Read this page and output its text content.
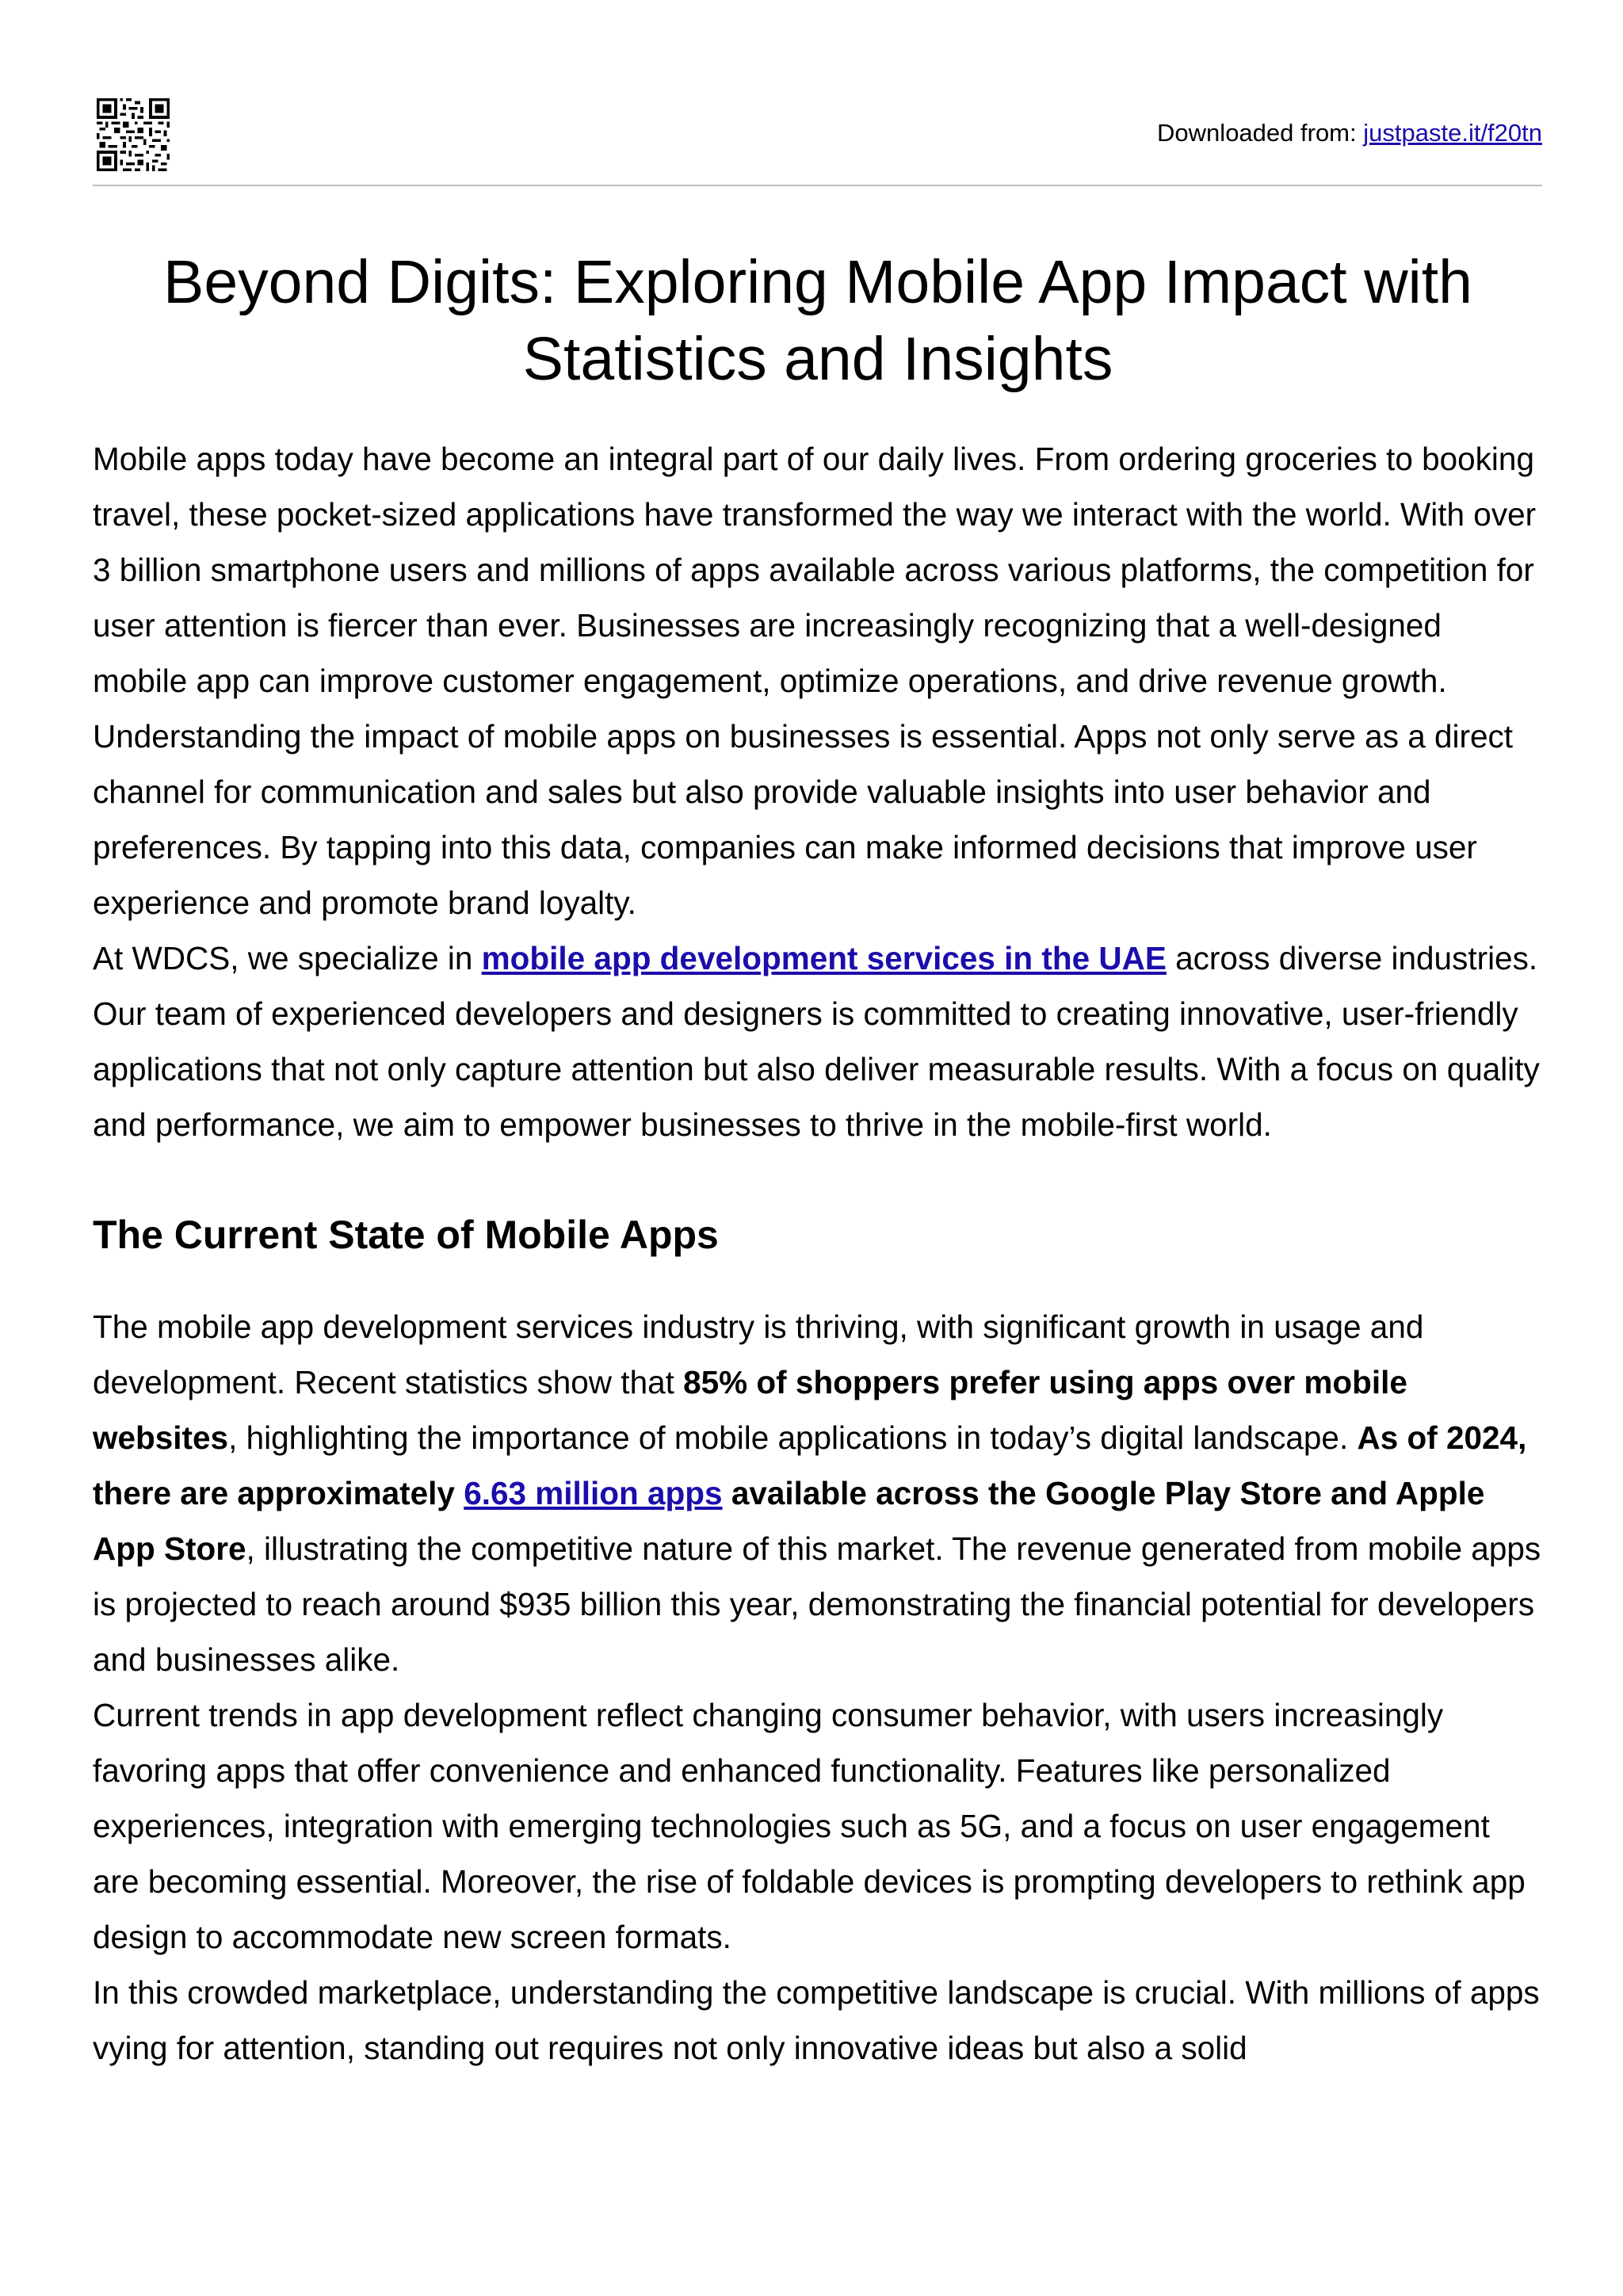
Downloaded from: justpaste.it/f20tn
Beyond Digits: Exploring Mobile App Impact with
Statistics and Insights

Mobile apps today have become an integral part of our daily lives. From ordering groceries to booking travel, these pocket-sized applications have transformed the way we interact with the world. With over 3 billion smartphone users and millions of apps available across various platforms, the competition for user attention is fiercer than ever. Businesses are increasingly recognizing that a well-designed mobile app can improve customer engagement, optimize operations, and drive revenue growth.

Understanding the impact of mobile apps on businesses is essential. Apps not only serve as a direct channel for communication and sales but also provide valuable insights into user behavior and preferences. By tapping into this data, companies can make informed decisions that improve user experience and promote brand loyalty.

At WDCS, we specialize in mobile app development services in the UAE across diverse industries. Our team of experienced developers and designers is committed to creating innovative, user-friendly applications that not only capture attention but also deliver measurable results. With a focus on quality and performance, we aim to empower businesses to thrive in the mobile-first world.

The Current State of Mobile Apps

The mobile app development services industry is thriving, with significant growth in usage and development. Recent statistics show that 85% of shoppers prefer using apps over mobile websites, highlighting the importance of mobile applications in today’s digital landscape. As of 2024, there are approximately 6.63 million apps available across the Google Play Store and Apple App Store, illustrating the competitive nature of this market. The revenue generated from mobile apps is projected to reach around $935 billion this year, demonstrating the financial potential for developers and businesses alike.

Current trends in app development reflect changing consumer behavior, with users increasingly favoring apps that offer convenience and enhanced functionality. Features like personalized experiences, integration with emerging technologies such as 5G, and a focus on user engagement are becoming essential. Moreover, the rise of foldable devices is prompting developers to rethink app design to accommodate new screen formats.

In this crowded marketplace, understanding the competitive landscape is crucial. With millions of apps vying for attention, standing out requires not only innovative ideas but also a solid
